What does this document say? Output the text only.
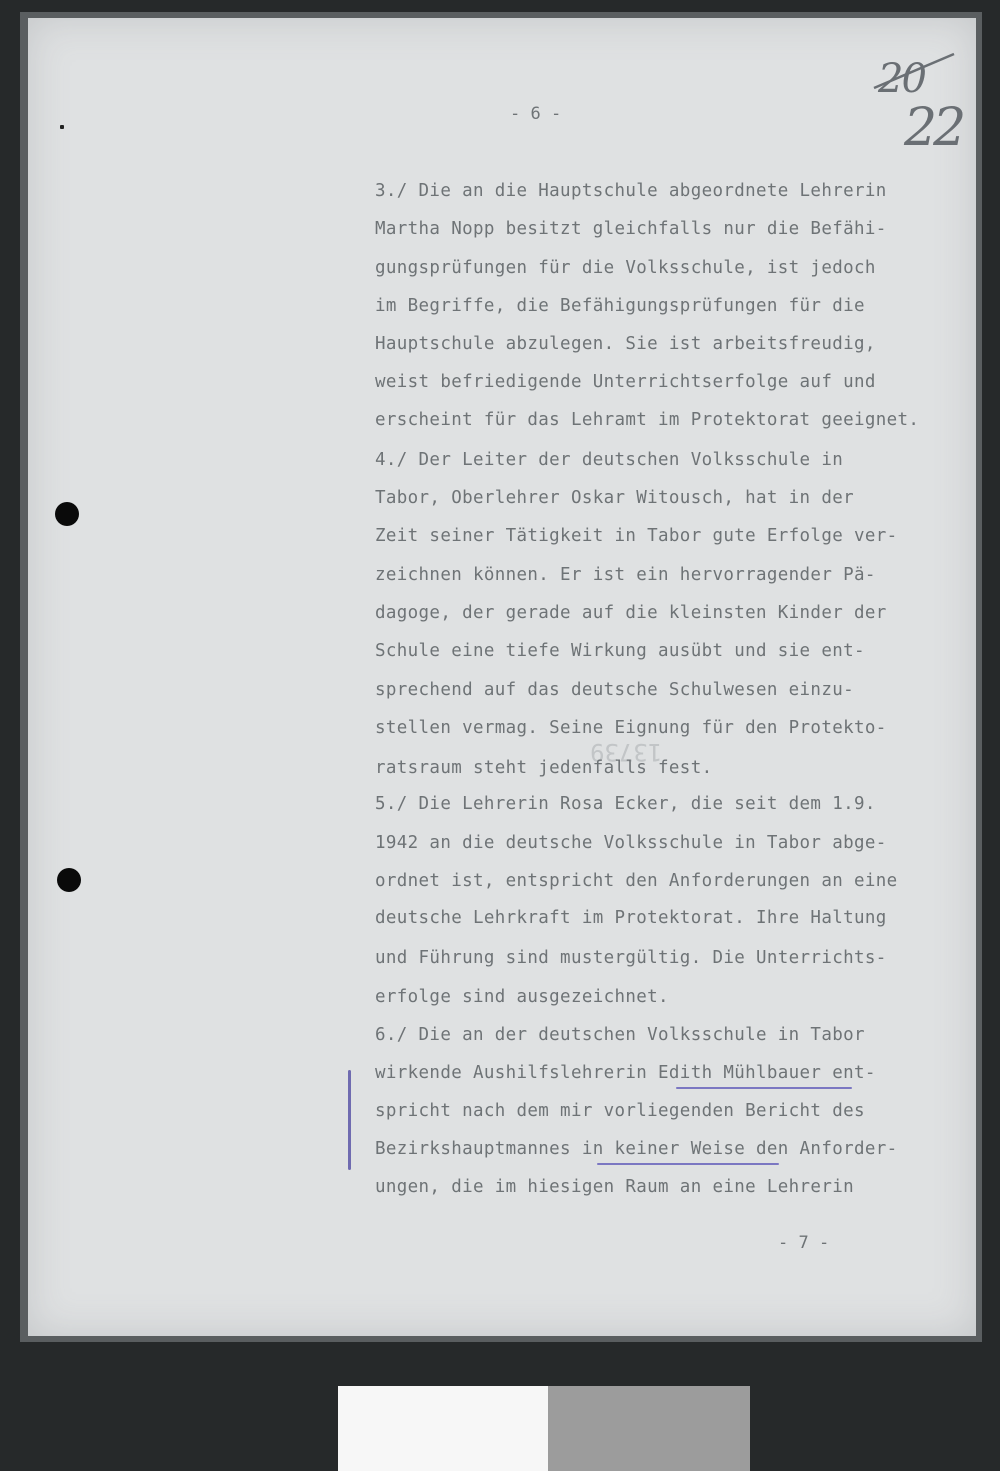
20
22
- 6 -
13739
3./ Die an die Hauptschule abgeordnete Lehrerin
Martha Nopp besitzt gleichfalls nur die Befähi-
gungsprüfungen für die Volksschule, ist jedoch
im Begriffe, die Befähigungsprüfungen für die
Hauptschule abzulegen. Sie ist arbeitsfreudig,
weist befriedigende Unterrichtserfolge auf und
erscheint für das Lehramt im Protektorat geeignet.
4./ Der Leiter der deutschen Volksschule in
Tabor, Oberlehrer Oskar Witousch, hat in der
Zeit seiner Tätigkeit in Tabor gute Erfolge ver-
zeichnen können. Er ist ein hervorragender Pä-
dagoge, der gerade auf die kleinsten Kinder der
Schule eine tiefe Wirkung ausübt und sie ent-
sprechend auf das deutsche Schulwesen einzu-
stellen vermag. Seine Eignung für den Protekto-
ratsraum steht jedenfalls fest.
5./ Die Lehrerin Rosa Ecker, die seit dem 1.9.
1942 an die deutsche Volksschule in Tabor abge-
ordnet ist, entspricht den Anforderungen an eine
deutsche Lehrkraft im Protektorat. Ihre Haltung
und Führung sind mustergültig. Die Unterrichts-
erfolge sind ausgezeichnet.
6./ Die an der deutschen Volksschule in Tabor
wirkende Aushilfslehrerin Edith Mühlbauer ent-
spricht nach dem mir vorliegenden Bericht des
Bezirkshauptmannes in keiner Weise den Anforder-
ungen, die im hiesigen Raum an eine Lehrerin
- 7 -
